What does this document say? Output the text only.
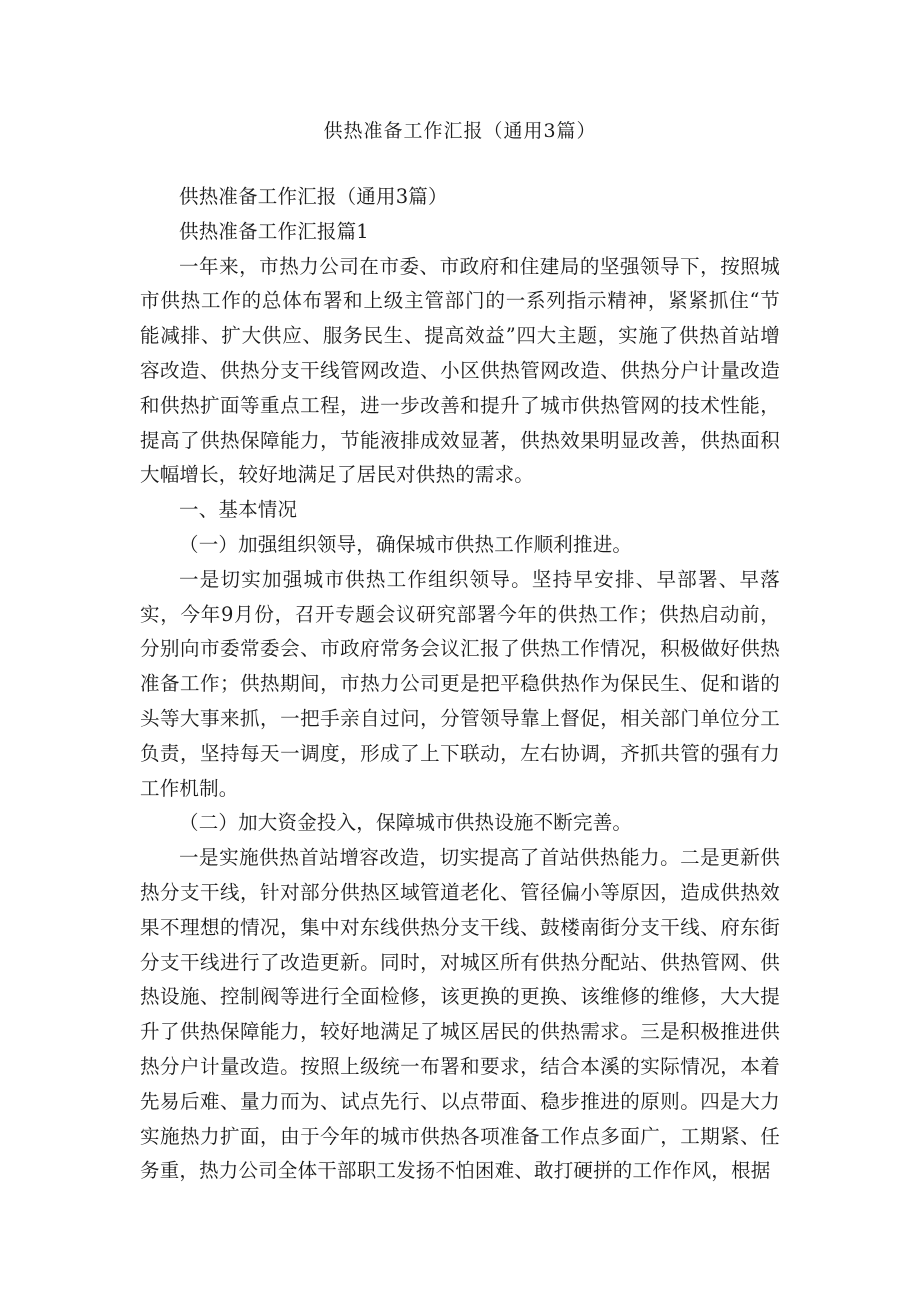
供热准备工作汇报（通用3篇）

供热准备工作汇报（通用3篇）

供热准备工作汇报篇1

一年来，市热力公司在市委、市政府和住建局的坚强领导下，按照城市供热工作的总体布署和上级主管部门的一系列指示精神，紧紧抓住“节能减排、扩大供应、服务民生、提高效益”四大主题，实施了供热首站增容改造、供热分支干线管网改造、小区供热管网改造、供热分户计量改造和供热扩面等重点工程，进一步改善和提升了城市供热管网的技术性能，提高了供热保障能力，节能液排成效显著，供热效果明显改善，供热面积大幅增长，较好地满足了居民对供热的需求。

一、基本情况

（一）加强组织领导，确保城市供热工作顺利推进。

一是切实加强城市供热工作组织领导。坚持早安排、早部署、早落实，今年9月份，召开专题会议研究部署今年的供热工作；供热启动前，分别向市委常委会、市政府常务会议汇报了供热工作情况，积极做好供热准备工作；供热期间，市热力公司更是把平稳供热作为保民生、促和谐的头等大事来抓，一把手亲自过问，分管领导靠上督促，相关部门单位分工负责，坚持每天一调度，形成了上下联动，左右协调，齐抓共管的强有力工作机制。

（二）加大资金投入，保障城市供热设施不断完善。

一是实施供热首站增容改造，切实提高了首站供热能力。二是更新供热分支干线，针对部分供热区域管道老化、管径偏小等原因，造成供热效果不理想的情况，集中对东线供热分支干线、鼓楼南街分支干线、府东街分支干线进行了改造更新。同时，对城区所有供热分配站、供热管网、供热设施、控制阀等进行全面检修，该更换的更换、该维修的维修，大大提升了供热保障能力，较好地满足了城区居民的供热需求。三是积极推进供热分户计量改造。按照上级统一布署和要求，结合本溪的实际情况，本着先易后难、量力而为、试点先行、以点带面、稳步推进的原则。四是大力实施热力扩面，由于今年的城市供热各项准备工作点多面广，工期紧、任务重，热力公司全体干部职工发扬不怕困难、敢打硬拼的工作作风，根据
